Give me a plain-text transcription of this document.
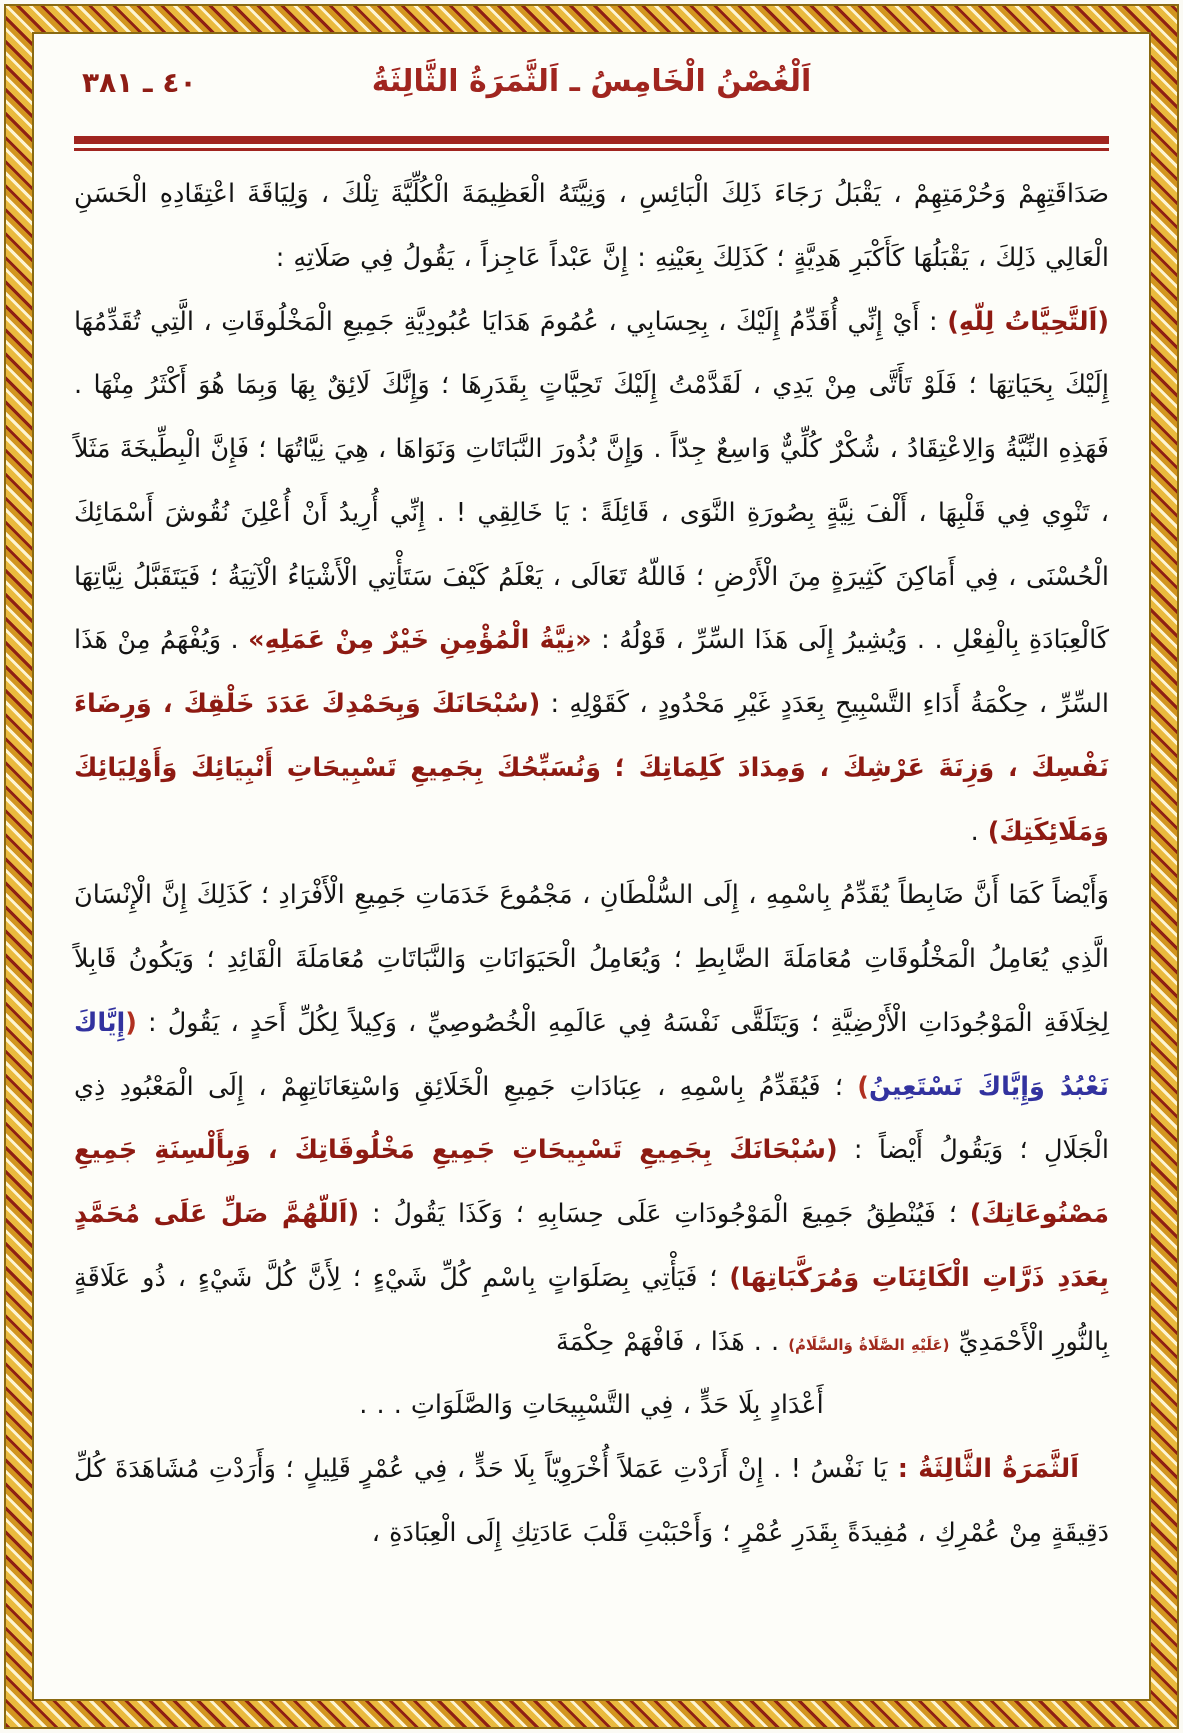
اَلْغُصْنُ الْخَامِسُ ـ اَلثَّمَرَةُ الثَّالِثَةُ
٤٠ ـ ٣٨١
صَدَاقَتِهِمْ وَحُرْمَتِهِمْ ، يَقْبَلُ رَجَاءَ ذَلِكَ الْبَائِسِ ، وَنِيَّتَهُ الْعَظِيمَةَ الْكُلِّيَّةَ تِلْكَ ، وَلِيَاقَةَ اعْتِقَادِهِ الْحَسَنِ الْعَالِي ذَلِكَ ، يَقْبَلُهَا كَأَكْبَرِ هَدِيَّةٍ ؛ كَذَلِكَ بِعَيْنِهِ : إِنَّ عَبْداً عَاجِزاً ، يَقُولُ فِي صَلَاتِهِ :
(اَلتَّحِيَّاتُ لِلّهِ) : أَيْ إِنِّي أُقَدِّمُ إِلَيْكَ ، بِحِسَابِي ، عُمُومَ هَدَايَا عُبُودِيَّةِ جَمِيعِ الْمَخْلُوقَاتِ ، الَّتِي تُقَدِّمُهَا إِلَيْكَ بِحَيَاتِهَا ؛ فَلَوْ تَأَتَّى مِنْ يَدِي ، لَقَدَّمْتُ إِلَيْكَ تَحِيَّاتٍ بِقَدَرِهَا ؛ وَإِنَّكَ لَائِقٌ بِهَا وَبِمَا هُوَ أَكْثَرُ مِنْهَا . فَهَذِهِ النِّيَّةُ وَالِاعْتِقَادُ ، شُكْرٌ كُلِّيٌّ وَاسِعٌ جِدّاً . وَإِنَّ بُذُورَ النَّبَاتَاتِ وَنَوَاهَا ، هِيَ نِيَّاتُهَا ؛ فَإِنَّ الْبِطِّيخَةَ مَثَلاً ، تَنْوِي فِي قَلْبِهَا ، أَلْفَ نِيَّةٍ بِصُورَةِ النَّوَى ، قَائِلَةً : يَا خَالِقِي ! . إِنِّي أُرِيدُ أَنْ أُعْلِنَ نُقُوشَ أَسْمَائِكَ الْحُسْنَى ، فِي أَمَاكِنَ كَثِيرَةٍ مِنَ الْأَرْضِ ؛ فَاللّهُ تَعَالَى ، يَعْلَمُ كَيْفَ سَتَأْتِي الْأَشْيَاءُ الْآتِيَةُ ؛ فَيَتَقَبَّلُ نِيَّاتِهَا كَالْعِبَادَةِ بِالْفِعْلِ . . وَيُشِيرُ إِلَى هَذَا السِّرِّ ، قَوْلُهُ : «نِيَّةُ الْمُؤْمِنِ خَيْرٌ مِنْ عَمَلِهِ» . وَيُفْهَمُ مِنْ هَذَا السِّرِّ ، حِكْمَةُ أَدَاءِ التَّسْبِيحِ بِعَدَدٍ غَيْرِ مَحْدُودٍ ، كَقَوْلِهِ : (سُبْحَانَكَ وَبِحَمْدِكَ عَدَدَ خَلْقِكَ ، وَرِضَاءَ نَفْسِكَ ، وَزِنَةَ عَرْشِكَ ، وَمِدَادَ كَلِمَاتِكَ ؛ وَنُسَبِّحُكَ بِجَمِيعِ تَسْبِيحَاتِ أَنْبِيَائِكَ وَأَوْلِيَائِكَ وَمَلَائِكَتِكَ) .
وَأَيْضاً كَمَا أَنَّ ضَابِطاً يُقَدِّمُ بِاسْمِهِ ، إِلَى السُّلْطَانِ ، مَجْمُوعَ خَدَمَاتِ جَمِيعِ الْأَفْرَادِ ؛ كَذَلِكَ إِنَّ الْإِنْسَانَ الَّذِي يُعَامِلُ الْمَخْلُوقَاتِ مُعَامَلَةَ الضَّابِطِ ؛ وَيُعَامِلُ الْحَيَوَانَاتِ وَالنَّبَاتَاتِ مُعَامَلَةَ الْقَائِدِ ؛ وَيَكُونُ قَابِلاً لِخِلَافَةِ الْمَوْجُودَاتِ الْأَرْضِيَّةِ ؛ وَيَتَلَقَّى نَفْسَهُ فِي عَالَمِهِ الْخُصُوصِيِّ ، وَكِيلاً لِكُلِّ أَحَدٍ ، يَقُولُ : (إِيَّاكَ نَعْبُدُ وَإِيَّاكَ نَسْتَعِينُ) ؛ فَيُقَدِّمُ بِاسْمِهِ ، عِبَادَاتِ جَمِيعِ الْخَلَائِقِ وَاسْتِعَانَاتِهِمْ ، إِلَى الْمَعْبُودِ ذِي الْجَلَالِ ؛ وَيَقُولُ أَيْضاً : (سُبْحَانَكَ بِجَمِيعِ تَسْبِيحَاتِ جَمِيعِ مَخْلُوقَاتِكَ ، وَبِأَلْسِنَةِ جَمِيعِ مَصْنُوعَاتِكَ) ؛ فَيُنْطِقُ جَمِيعَ الْمَوْجُودَاتِ عَلَى حِسَابِهِ ؛ وَكَذَا يَقُولُ : (اَللّهُمَّ صَلِّ عَلَى مُحَمَّدٍ بِعَدَدِ ذَرَّاتِ الْكَائِنَاتِ وَمُرَكَّبَاتِهَا) ؛ فَيَأْتِي بِصَلَوَاتٍ بِاسْمِ كُلِّ شَيْءٍ ؛ لِأَنَّ كُلَّ شَيْءٍ ، ذُو عَلَاقَةٍ بِالنُّورِ الْأَحْمَدِيِّ (عَلَيْهِ الصَّلَاةُ وَالسَّلَامُ) . . هَذَا ، فَافْهَمْ حِكْمَةَ
أَعْدَادٍ بِلَا حَدٍّ ، فِي التَّسْبِيحَاتِ وَالصَّلَوَاتِ . . .
اَلثَّمَرَةُ الثَّالِثَةُ : يَا نَفْسُ ! . إِنْ أَرَدْتِ عَمَلاً أُخْرَوِيّاً بِلَا حَدٍّ ، فِي عُمْرٍ قَلِيلٍ ؛ وَأَرَدْتِ مُشَاهَدَةَ كُلِّ دَقِيقَةٍ مِنْ عُمْرِكِ ، مُفِيدَةً بِقَدَرِ عُمْرٍ ؛ وَأَحْبَبْتِ قَلْبَ عَادَتِكِ إِلَى الْعِبَادَةِ ،
